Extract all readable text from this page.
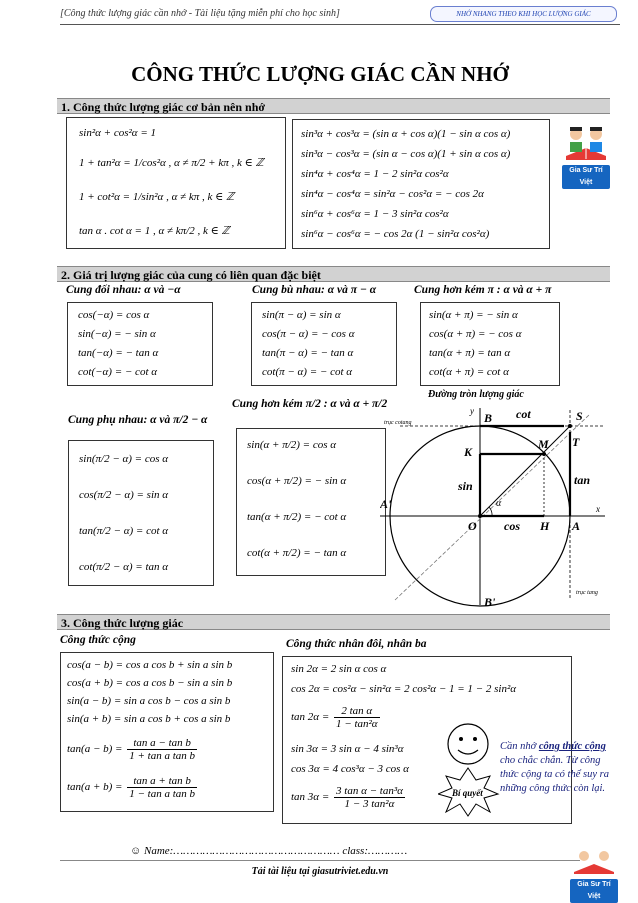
[Công thức lượng giác cần nhớ - Tài liệu tặng miễn phí cho học sinh]	NHỚ NHANG THEO KHI HỌC LƯỢNG GIÁC
CÔNG THỨC LƯỢNG GIÁC CẦN NHỚ
1. Công thức lượng giác cơ bản nên nhớ
sin²α + cos²α = 1
1 + tan²α = 1/cos²α , α ≠ π/2 + kπ , k ∈ ℤ
1 + cot²α = 1/sin²α , α ≠ kπ , k ∈ ℤ
tan α . cot α = 1 , α ≠ kπ/2 , k ∈ ℤ
sin³α + cos³α = (sin α + cos α)(1 − sin α cos α)
sin³α − cos³α = (sin α − cos α)(1 + sin α cos α)
sin⁴α + cos⁴α = 1 − 2 sin²α cos²α
sin⁴α − cos⁴α = sin²α − cos²α = − cos 2α
sin⁶α + cos⁶α = 1 − 3 sin²α cos²α
sin⁶α − cos⁶α = − cos 2α (1 − sin²α cos²α)
Gia Sư Trí Việt
2. Giá trị lượng giác của cung có liên quan đặc biệt
Cung đối nhau: α và −α
cos(−α) = cos α
sin(−α) = − sin α
tan(−α) = − tan α
cot(−α) = − cot α
Cung bù nhau: α và π − α
sin(π − α) = sin α
cos(π − α) = − cos α
tan(π − α) = − tan α
cot(π − α) = − cot α
Cung hơn kém π : α và α + π
sin(α + π) = − sin α
cos(α + π) = − cos α
tan(α + π) = tan α
cot(α + π) = cot α
Cung phụ nhau: α và π/2 − α
sin(π/2 − α) = cos α
cos(π/2 − α) = sin α
tan(π/2 − α) = cot α
cot(π/2 − α) = tan α
Cung hơn kém π/2 : α và α + π/2
sin(α + π/2) = cos α
cos(α + π/2) = − sin α
tan(α + π/2) = − cot α
cot(α + π/2) = − tan α
Đường tròn lượng giác
y
x
B	S
T
M
K
A
A'
B'
O	H
cot
tan
sin
cos
α
trục cotang
trục tang
3. Công thức lượng giác
Công thức cộng
cos(a − b) = cos a cos b + sin a sin b
cos(a + b) = cos a cos b − sin a sin b
sin(a − b) = sin a cos b − cos a sin b
sin(a + b) = sin a cos b + cos a sin b
$\tan(a - b) = \frac{\text{tan a − tan b}}{\text{1 + tan a tan b}}$
$\tan(a + b) = \frac{\text{tan a + tan b}}{\text{1 − tan a tan b}}$
Công thức nhân đôi, nhân ba
sin 2α = 2 sin α cos α
cos 2α = cos²α − sin²α = 2 cos²α − 1 = 1 − 2 sin²α
$\tan 2\alpha = \frac{\text{2 tan α}}{\text{1 − tan²α}}$
sin 3α = 3 sin α − 4 sin³α
cos 3α = 4 cos³α − 3 cos α
$\tan 3\alpha = \frac{\text{3 tan α − tan³α}}{\text{1 − 3 tan²α}}$	Bí quyết
Cần nhớ công thức cộng cho chắc chắn. Từ công thức cộng ta có thể suy ra những công thức còn lại.
☺ Name:…………………………………………… class:…………
Tải tài liệu tại giasutriviet.edu.vn
Gia Sư Trí Việt
